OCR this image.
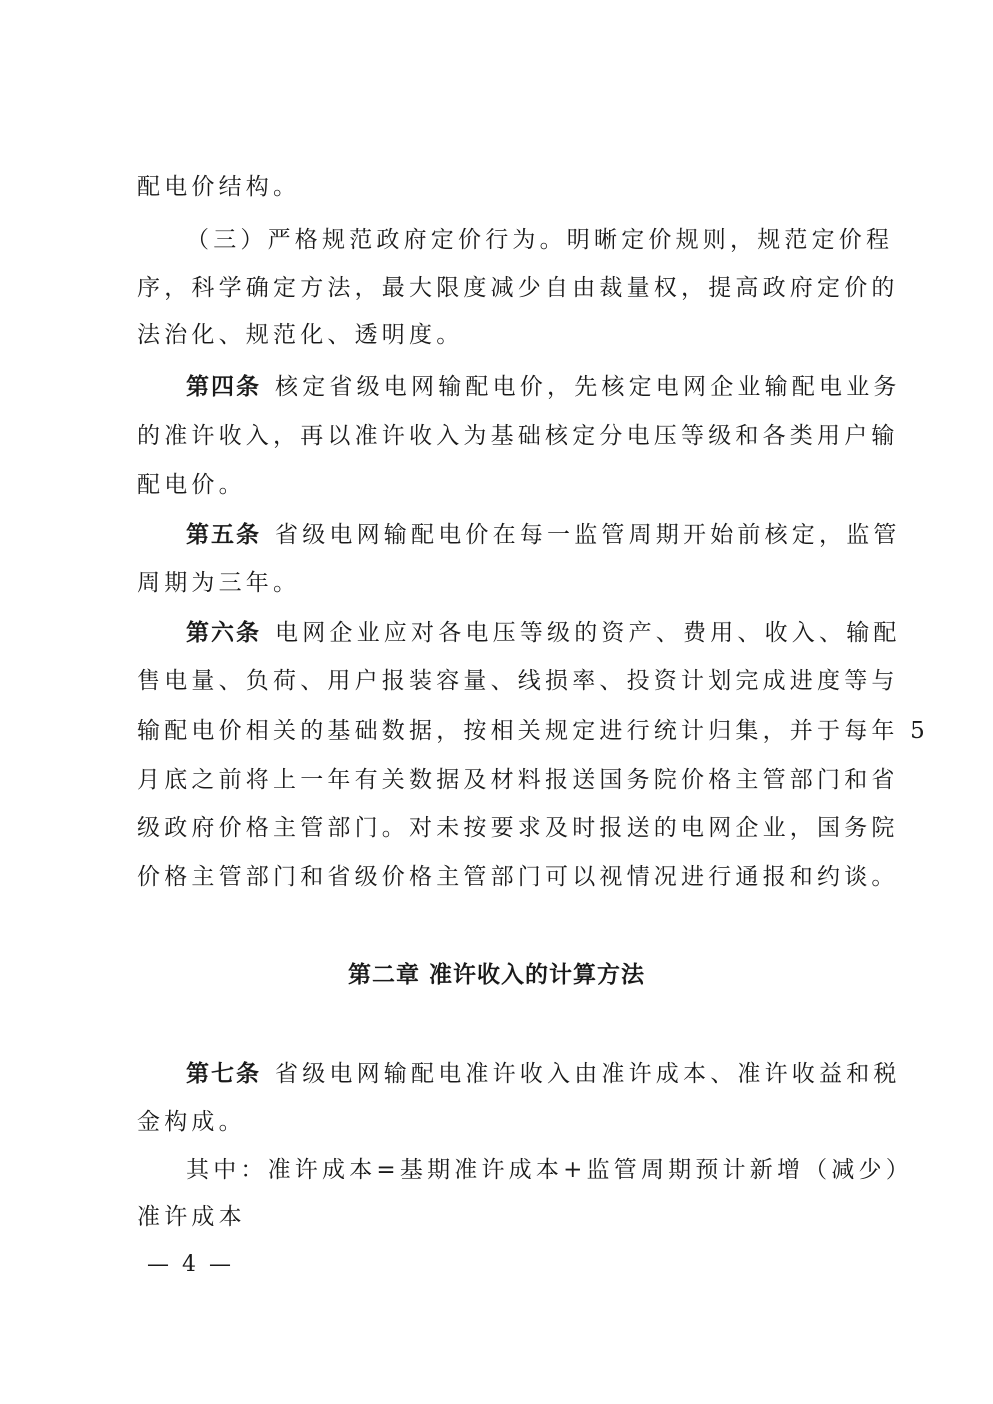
配电价结构。
（三）严格规范政府定价行为。明晰定价规则，规范定价程
序，科学确定方法，最大限度减少自由裁量权，提高政府定价的
法治化、规范化、透明度。
第四条 核定省级电网输配电价，先核定电网企业输配电业务
的准许收入，再以准许收入为基础核定分电压等级和各类用户输
配电价。
第五条 省级电网输配电价在每一监管周期开始前核定，监管
周期为三年。
第六条 电网企业应对各电压等级的资产、费用、收入、输配
售电量、负荷、用户报装容量、线损率、投资计划完成进度等与
输配电价相关的基础数据，按相关规定进行统计归集，并于每年 5
月底之前将上一年有关数据及材料报送国务院价格主管部门和省
级政府价格主管部门。对未按要求及时报送的电网企业，国务院
价格主管部门和省级价格主管部门可以视情况进行通报和约谈。
第二章 准许收入的计算方法
第七条 省级电网输配电准许收入由准许成本、准许收益和税
金构成。
其中：准许成本=基期准许成本+监管周期预计新增（减少）
准许成本
— 4 —
